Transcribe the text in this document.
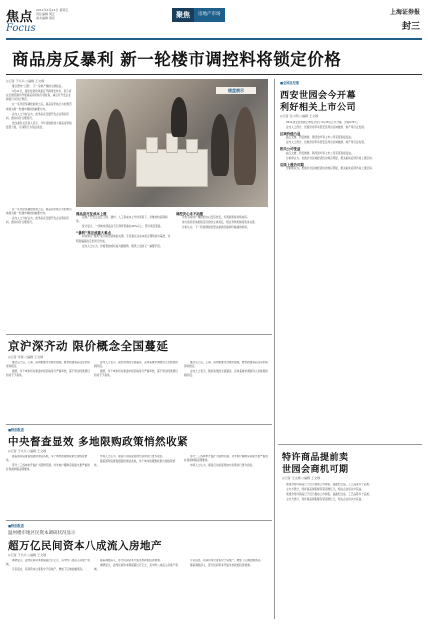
焦点 2011年4月22日 星期五
责任编辑 周正
美术编辑 施佳
Focus
聚焦	房地产市场	上海证券报
封三
商品房反暴利 新一轮楼市调控料将锁定价格
◎记者 于兵兵 ○编辑 王文嫣

继合肥市“上限”、天一房地产调控出新政后。

4月21日，国家发展改革委召开新闻发布会，表示将在全国范围内开展商品房价格专项检查，重点对开发企业销售行为进行规范。

在一系列密集调控政策之后，商品房价格行为的规范被视为新一轮楼市调控的重要方向。

业内人士分析认为，此举意在压缩开发企业利润空间，推动房价合理回归。

发改委有关负责人表示，今年将继续加大商品房价格监管力度，对违规行为依法查处。

楼盘展示
商品房开发成本上涨

房地产开发企业在土地、建材、人工等成本上升的背景下，仍维持较高利润率。

统计显示，一线城市商品住宅毛利率普遍在40%以上，部分项目更高。

“暴利”界定成重大难点

如何界定“暴利”成为政策落地的关键。专家建议以成本加合理利润为基准，对明显偏高的定价进行约谈。

业内人士认为，价格管控或将成为继限购、限贷之后的又一重要手段。

调控决心未不动摇

中央对房地产调控的决心没有改变，多项政策将持续加码。

地方政府需承担稳定房价的主体责任，相关考核机制将逐步完善。

分析认为，下一阶段调控将更注重供给端和价格端的协同。

在一系列密集调控政策之后，商品房价格行为的规范被视为新一轮楼市调控的重要方向。

业内人士分析认为，此举意在压缩开发企业利润空间，推动房价合理回归。

■全国总经理
西安世园会今开幕
利好相关上市公司
◎记者 张小明 ○编辑 王文嫣

2011西安世界园艺博览会将于4月28日正式开幕，会期178天。

业内人士预计，世园会将带动西安及周边区域旅游、地产等行业发展。

区域价值凸显

曲江文旅、西安旅游、陕西金叶等上市公司有望直接受益。

业内人士预计，世园会将带动西安及周边区域旅游、地产等行业发展。

相关公司受益

曲江文旅、西安旅游、陕西金叶等上市公司有望直接受益。

分析师认为，世园会对区域经济拉动效应明显，相关板块后续仍具上涨空间。

后续上涨仍可期

分析师认为，世园会对区域经济拉动效应明显，相关板块后续仍具上涨空间。

京沪深齐动 限价概念全国蔓延
◎记者 李春 ○编辑 王文嫣

继北京之后，上海、深圳相继出台限价措施，要求新建商品住房价格保持稳定。

据悉，多个城市将对新盘申报价格进行严格审核，高于周边同类项目的将不予备案。

业内人士表示，限价政策的全国蔓延，意味着楼市调控进入价格管控新阶段。

据悉，多个城市将对新盘申报价格进行严格审核，高于周边同类项目的将不予备案。

继北京之后，上海、深圳相继出台限价措施，要求新建商品住房价格保持稳定。

业内人士表示，限价政策的全国蔓延，意味着楼市调控进入价格管控新阶段。

■特别报道
中央督查显效 多地限购政策悄然收紧
◎记者 于兵兵 ○编辑 王文嫣

随着国务院督查组陆续进驻各地，多个城市的限购政策出现收紧迹象。

部分二三线城市开始扩大限购范围，对外地户籍购房者提出更严格的社保或纳税证明要求。

市场人士认为，督查行动将促使地方政策执行更为到位。

随着国务院督查组陆续进驻各地，多个城市的限购政策出现收紧迹象。

部分二三线城市开始扩大限购范围，对外地户籍购房者提出更严格的社保或纳税证明要求。

市场人士认为，督查行动将促使地方政策执行更为到位。

■特别报道
温州楼市地区民资本调研状况显示
超万亿民间资本八成流入房地产
◎记者 于兵兵 ○编辑 王文嫣

调研显示，温州民间资本规模超过万亿元，其中约八成流入房地产领域。

专家指出，民间资本过度集中于房地产，增加了区域金融风险。

随着调控深入，部分民间资本开始寻求新的投资渠道。

调研显示，温州民间资本规模超过万亿元，其中约八成流入房地产领域。

专家指出，民间资本过度集中于房地产，增加了区域金融风险。

随着调控深入，部分民间资本开始寻求新的投资渠道。

特许商品提前卖
世园会商机可期
◎记者 王文嫣 ○编辑 王文嫣

世园会特许商品已于近日提前上市销售，涵盖纪念品、工艺品等多个品类。

主办方预计，特许商品销售额有望突破亿元，相关企业将从中获益。

世园会特许商品已于近日提前上市销售，涵盖纪念品、工艺品等多个品类。

主办方预计，特许商品销售额有望突破亿元，相关企业将从中获益。
